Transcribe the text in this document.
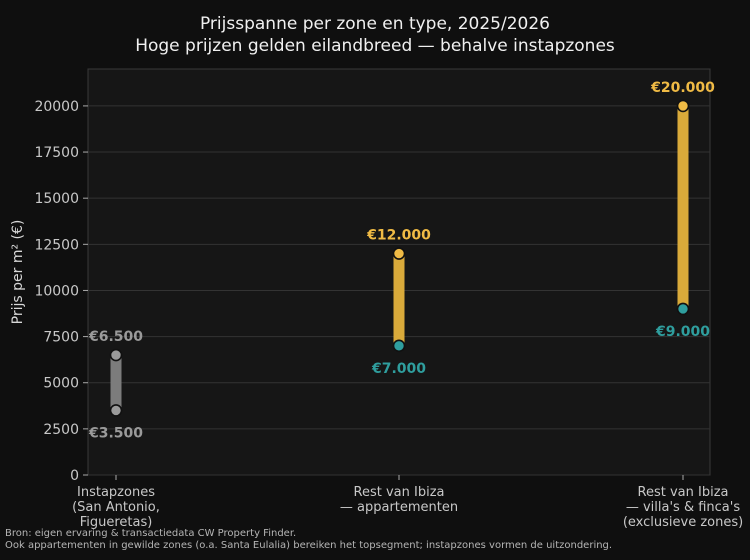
Prijsspanne per zone en type, 2025/2026
Hoge prijzen gelden eilandbreed — behalve instapzones
0
2500
5000
7500
10000
12500
15000
17500
20000
Instapzones (San Antonio, Figueretas)
Rest van Ibiza — appartementen
Rest van Ibiza — villa's & finca's (exclusieve zones)
€6.500
€3.500
€12.000
€7.000
€20.000
€9.000
Prijs per m² (€)
Bron: eigen ervaring & transactiedata CW Property Finder.
Ook appartementen in gewilde zones (o.a. Santa Eulalia) bereiken het topsegment; instapzones vormen de uitzondering.
